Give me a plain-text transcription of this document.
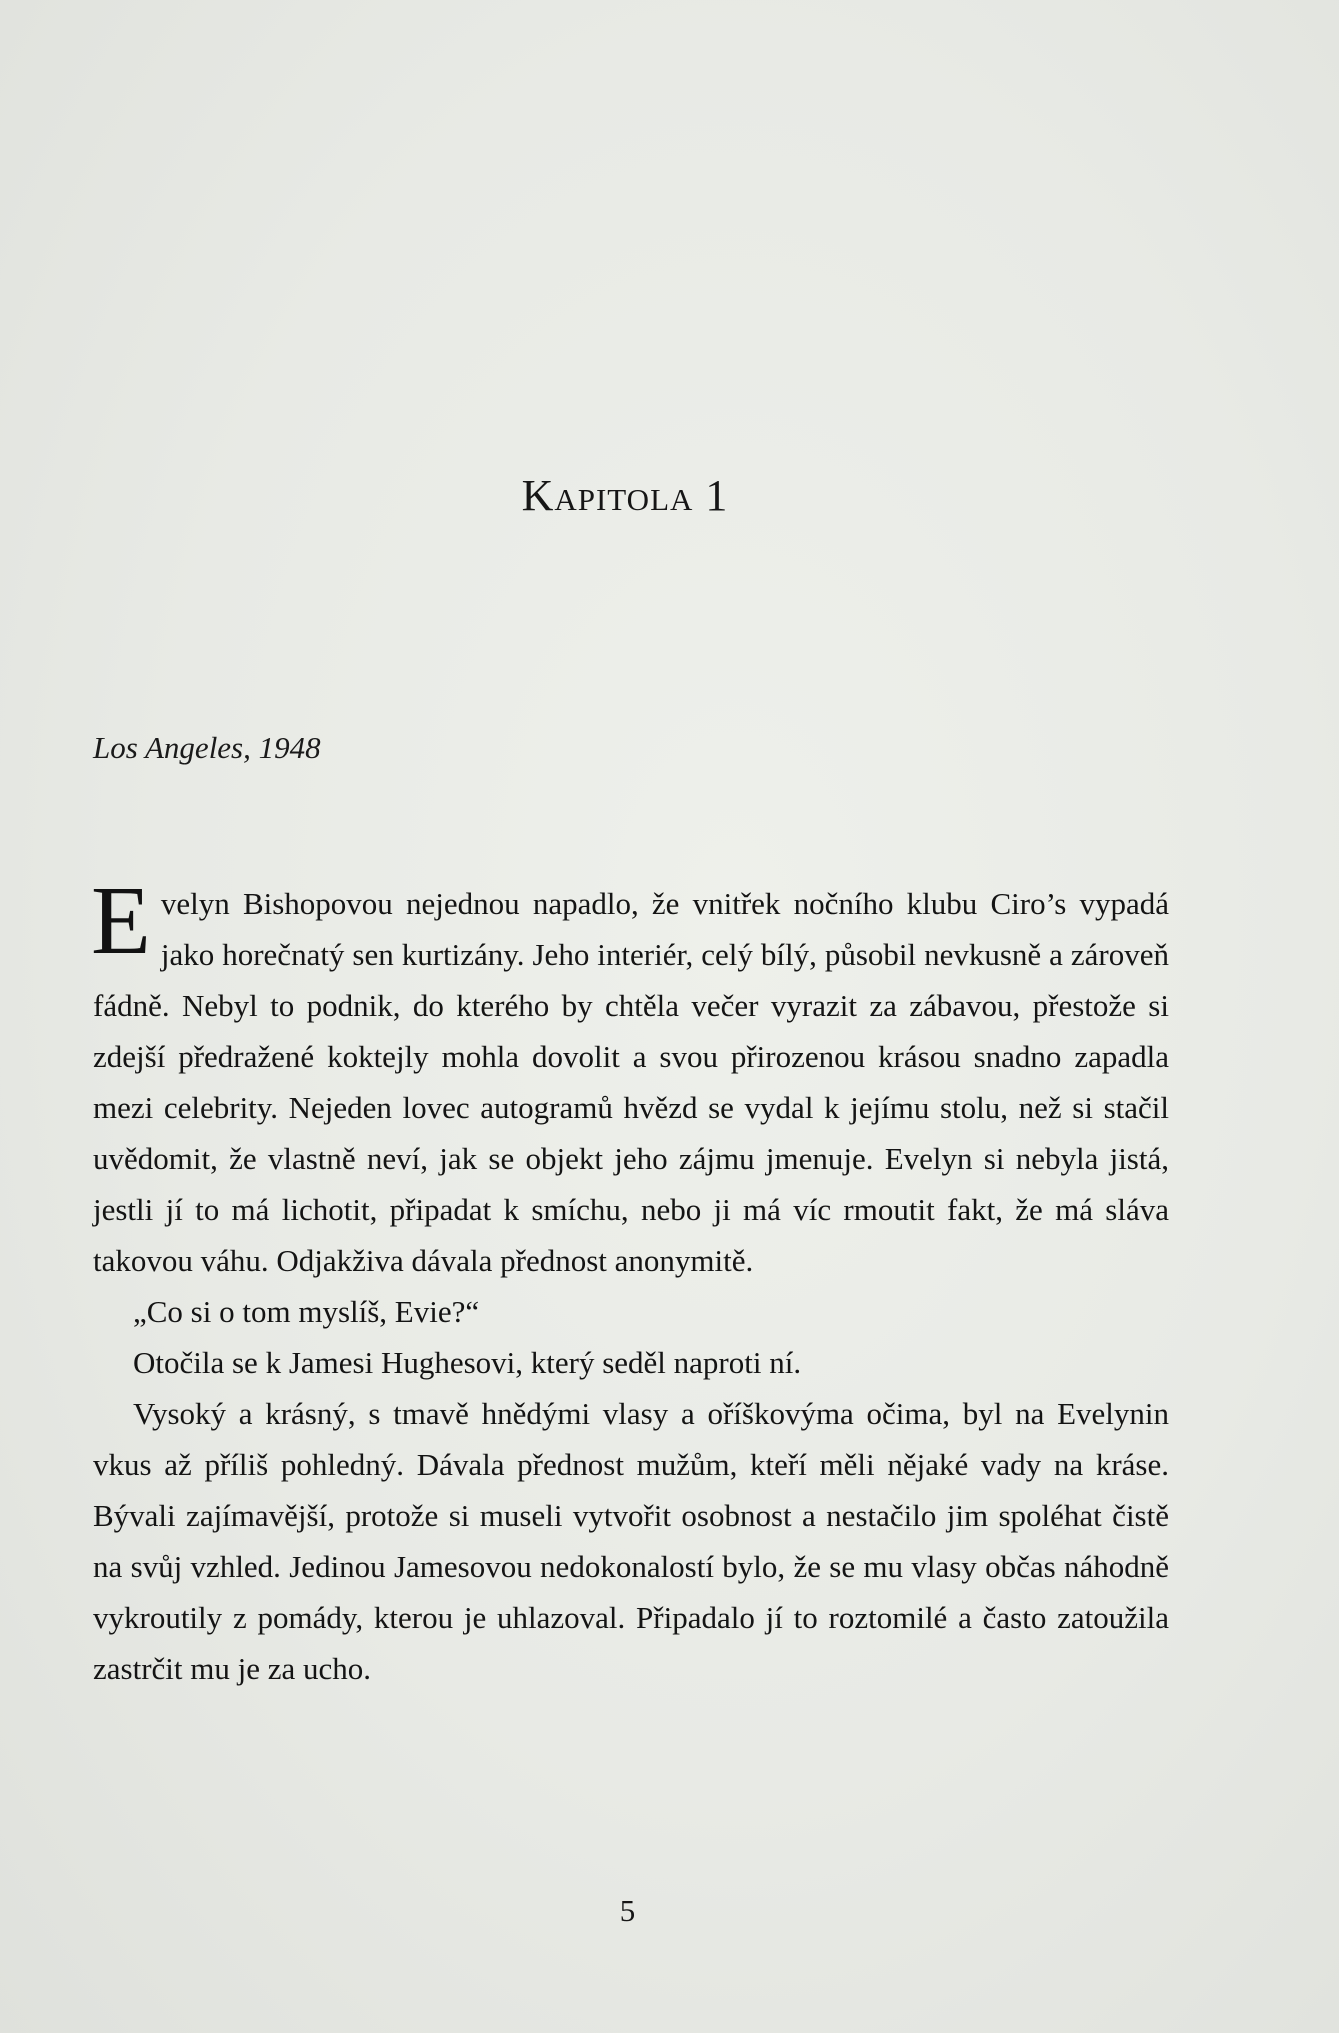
Kapitola 1
Los Angeles, 1948

Evelyn Bishopovou nejednou napadlo, že vnitřek nočního klubu Ciro’s vypadá jako horečnatý sen kurtizány. Jeho interiér, celý bílý, působil nevkusně a zároveň fádně. Nebyl to podnik, do kterého by chtěla večer vyrazit za zábavou, přestože si zdejší předražené koktejly mohla dovolit a svou přirozenou krásou snadno zapadla mezi celebrity. Nejeden lovec autogramů hvězd se vydal k jejímu stolu, než si stačil uvědomit, že vlastně neví, jak se objekt jeho zájmu jmenuje. Evelyn si nebyla jistá, jestli jí to má lichotit, připadat k smíchu, nebo ji má víc rmoutit fakt, že má sláva takovou váhu. Odjakživa dávala přednost anonymitě.

„Co si o tom myslíš, Evie?“

Otočila se k Jamesi Hughesovi, který seděl naproti ní.

Vysoký a krásný, s tmavě hnědými vlasy a oříškovýma očima, byl na Evelynin vkus až příliš pohledný. Dávala přednost mužům, kteří měli nějaké vady na kráse. Bývali zajímavější, protože si museli vytvořit osobnost a nestačilo jim spoléhat čistě na svůj vzhled. Jedinou Jamesovou nedokonalostí bylo, že se mu vlasy občas náhodně vykroutily z pomády, kterou je uhlazoval. Připadalo jí to roztomilé a často zatoužila zastrčit mu je za ucho.

5
